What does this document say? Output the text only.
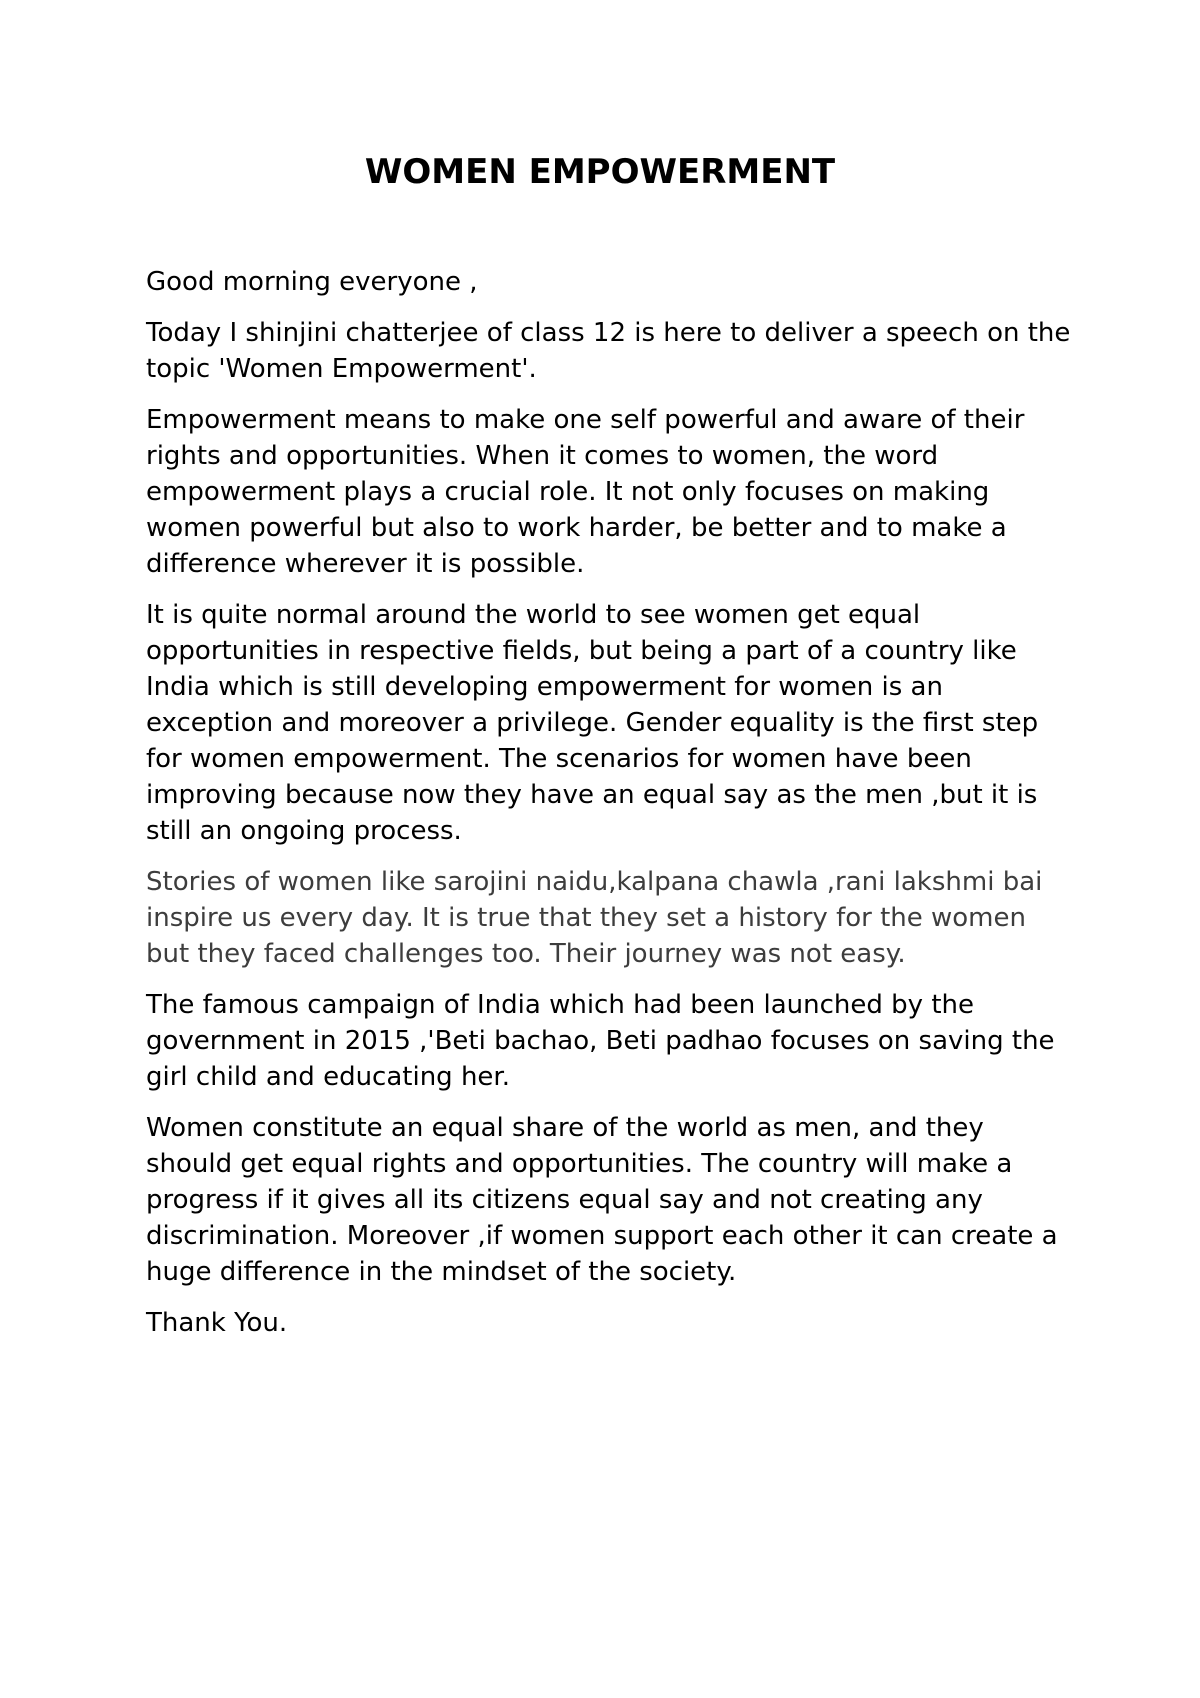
WOMEN EMPOWERMENT

Good morning everyone ,

Today I shinjini chatterjee of class 12 is here to deliver a speech on the topic 'Women Empowerment'.

Empowerment means to make one self powerful and aware of their rights and opportunities. When it comes to women, the word empowerment plays a crucial role. It not only focuses on making women powerful but also to work harder, be better and to make a difference wherever it is possible.

It is quite normal around the world to see women get equal opportunities in respective fields, but being a part of a country like India which is still developing empowerment for women is an exception and moreover a privilege. Gender equality is the first step for women empowerment. The scenarios for women have been improving because now they have an equal say as the men ,but it is still an ongoing process.

Stories of women like sarojini naidu,kalpana chawla ,rani lakshmi bai inspire us every day. It is true that they set a history for the women but they faced challenges too. Their journey was not easy.

The famous campaign of India which had been launched by the government in 2015 ,'Beti bachao, Beti padhao focuses on saving the girl child and educating her.

Women constitute an equal share of the world as men, and they should get equal rights and opportunities. The country will make a progress if it gives all its citizens equal say and not creating any discrimination. Moreover ,if women support each other it can create a huge difference in the mindset of the society.

Thank You.
